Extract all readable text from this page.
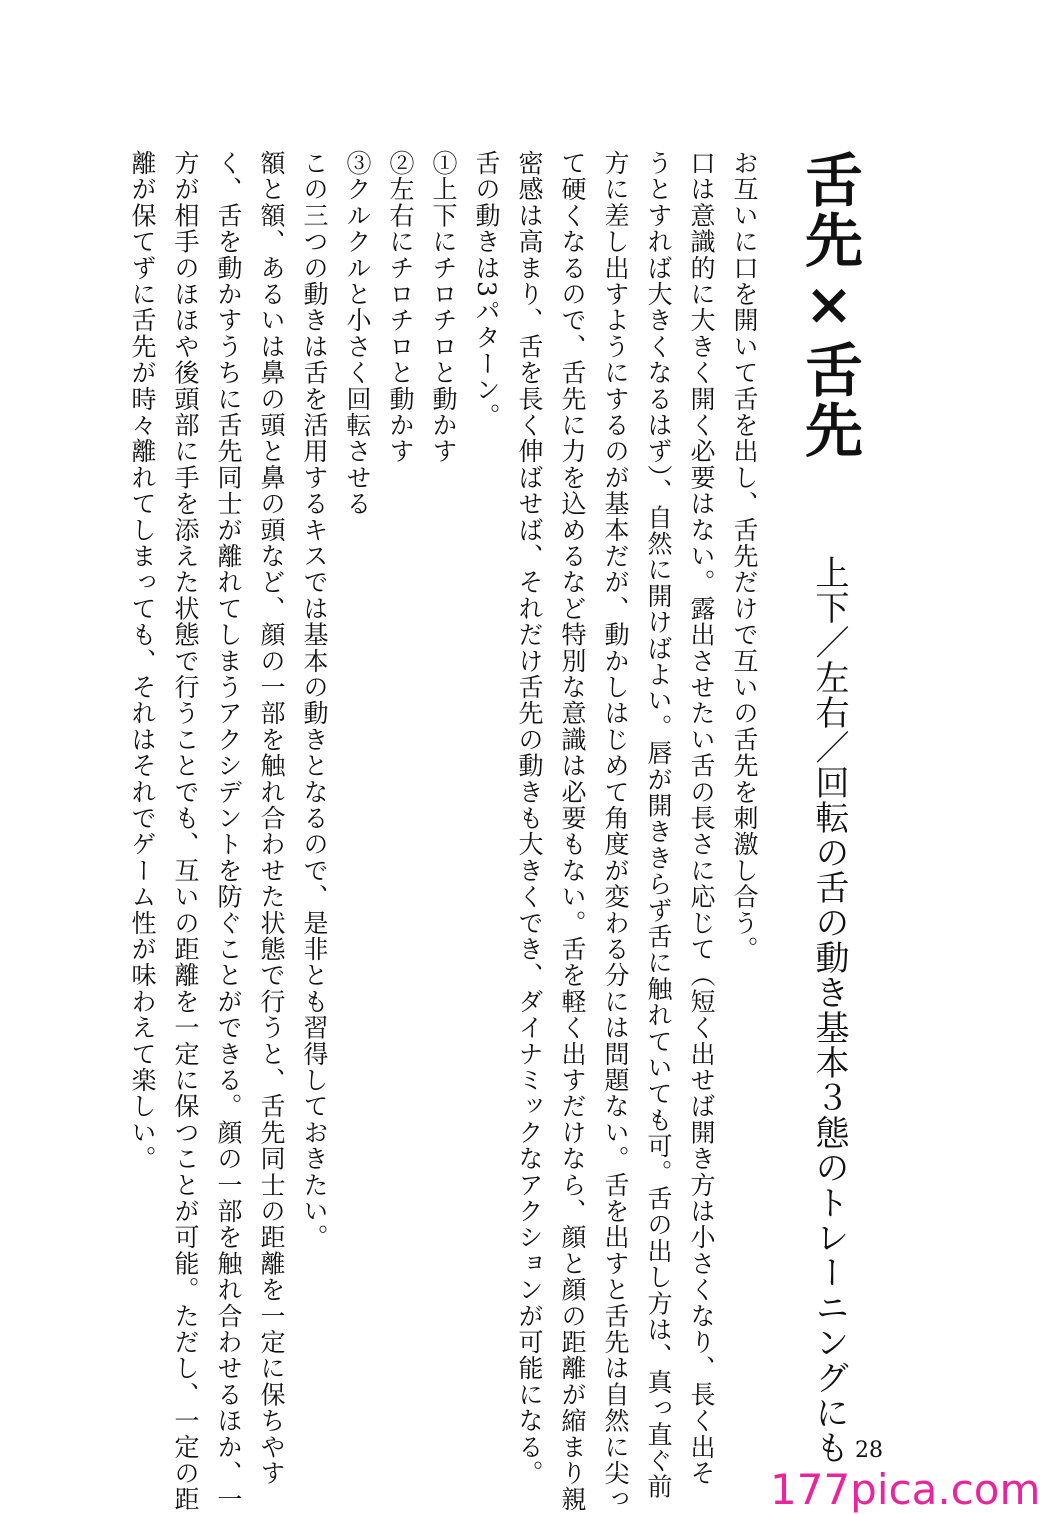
舌先×舌先
上下／左右／回転の舌の動き基本３態のトレーニングにも
お互いに口を開いて舌を出し、舌先だけで互いの舌先を刺激し合う。
口は意識的に大きく開く必要はない。露出させたい舌の長さに応じて（短く出せば開き方は小さくなり、長く出そ
うとすれば大きくなるはず）、自然に開けばよい。唇が開ききらず舌に触れていても可。舌の出し方は、真っ直ぐ前
方に差し出すようにするのが基本だが、動かしはじめて角度が変わる分には問題ない。舌を出すと舌先は自然に尖っ
て硬くなるので、舌先に力を込めるなど特別な意識は必要もない。舌を軽く出すだけなら、顔と顔の距離が縮まり親
密感は高まり、舌を長く伸ばせば、それだけ舌先の動きも大きくでき、ダイナミックなアクションが可能になる。
舌の動きは3パターン。
①上下にチロチロと動かす
②左右にチロチロと動かす
③クルクルと小さく回転させる
この三つの動きは舌を活用するキスでは基本の動きとなるので、是非とも習得しておきたい。
額と額、あるいは鼻の頭と鼻の頭など、顔の一部を触れ合わせた状態で行うと、舌先同士の距離を一定に保ちやす
く、舌を動かすうちに舌先同士が離れてしまうアクシデントを防ぐことができる。顔の一部を触れ合わせるほか、一
方が相手のほほや後頭部に手を添えた状態で行うことでも、互いの距離を一定に保つことが可能。ただし、一定の距
離が保てずに舌先が時々離れてしまっても、それはそれでゲーム性が味わえて楽しい。
28
177pica.com
